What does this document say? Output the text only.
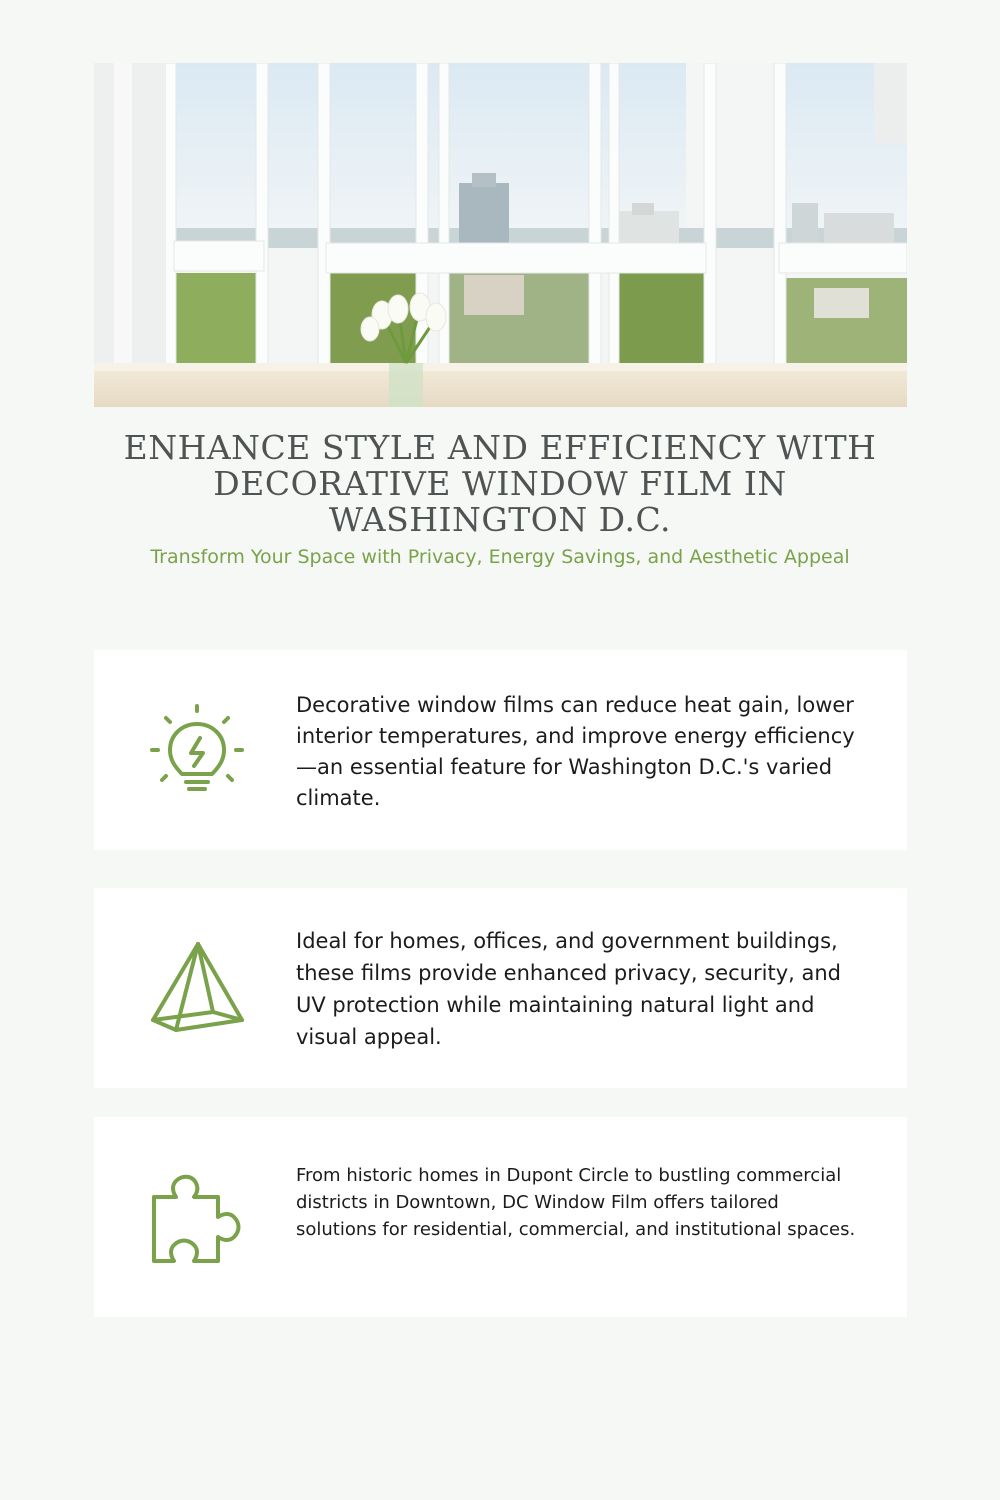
ENHANCE STYLE AND EFFICIENCY WITH DECORATIVE WINDOW FILM IN WASHINGTON D.C.
Transform Your Space with Privacy, Energy Savings, and Aesthetic Appeal
Decorative window films can reduce heat gain, lower interior temperatures, and improve energy efficiency—an essential feature for Washington D.C.'s varied climate.
Ideal for homes, offices, and government buildings, these films provide enhanced privacy, security, and UV protection while maintaining natural light and visual appeal.
From historic homes in Dupont Circle to bustling commercial districts in Downtown, DC Window Film offers tailored solutions for residential, commercial, and institutional spaces.
